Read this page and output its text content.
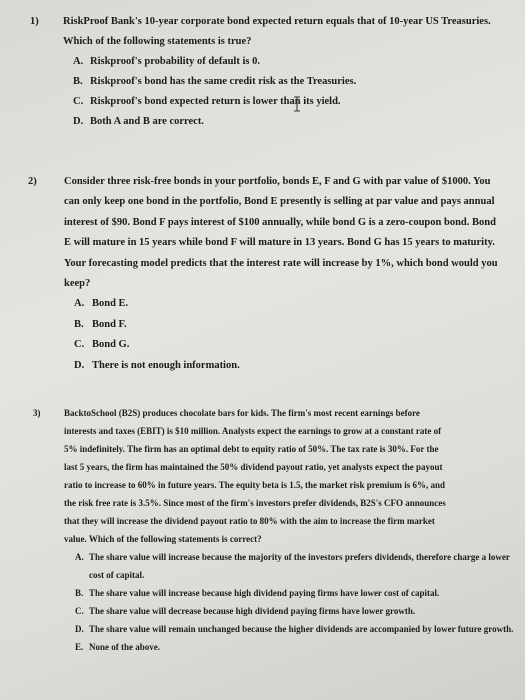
1) RiskProof Bank's 10-year corporate bond expected return equals that of 10-year US Treasuries.
Which of the following statements is true?
A. Riskproof's probability of default is 0.
B. Riskproof's bond has the same credit risk as the Treasuries.
C. Riskproof's bond expected return is lower than its yield.
D. Both A and B are correct.
2)	Consider three risk-free bonds in your portfolio, bonds E, F and G with par value of $1000. You
can only keep one bond in the portfolio, Bond E presently is selling at par value and pays annual
interest of $90. Bond F pays interest of $100 annually, while bond G is a zero-coupon bond. Bond
E will mature in 15 years while bond F will mature in 13 years. Bond G has 15 years to maturity.
Your forecasting model predicts that the interest rate will increase by 1%, which bond would you
keep?
A. Bond E.
B. Bond F.
C. Bond G.
D. There is not enough information.
3)	BacktoSchool (B2S) produces chocolate bars for kids. The firm's most recent earnings before
interests and taxes (EBIT) is $10 million. Analysts expect the earnings to grow at a constant rate of
5% indefinitely. The firm has an optimal debt to equity ratio of 50%. The tax rate is 30%. For the
last 5 years, the firm has maintained the 50% dividend payout ratio, yet analysts expect the payout
ratio to increase to 60% in future years. The equity beta is 1.5, the market risk premium is 6%, and
the risk free rate is 3.5%. Since most of the firm's investors prefer dividends, B2S's CFO announces
that they will increase the dividend payout ratio to 80% with the aim to increase the firm market
value. Which of the following statements is correct?
A. The share value will increase because the majority of the investors prefers dividends, therefore charge a lower cost of capital.
B. The share value will increase because high dividend paying firms have lower cost of capital.
C. The share value will decrease because high dividend paying firms have lower growth.
D. The share value will remain unchanged because the higher dividends are accompanied by lower future growth.
E. None of the above.
